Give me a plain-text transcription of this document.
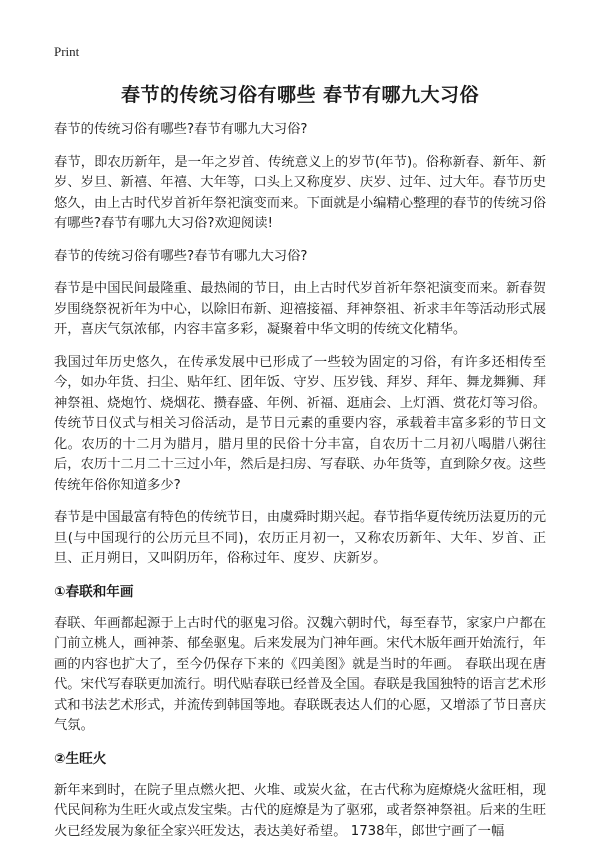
Print
春节的传统习俗有哪些 春节有哪九大习俗

春节的传统习俗有哪些?春节有哪九大习俗?

春节，即农历新年，是一年之岁首、传统意义上的岁节(年节)。俗称新春、新年、新岁、岁旦、新禧、年禧、大年等，口头上又称度岁、庆岁、过年、过大年。春节历史悠久，由上古时代岁首祈年祭祀演变而来。下面就是小编精心整理的春节的传统习俗有哪些?春节有哪九大习俗?欢迎阅读!

春节的传统习俗有哪些?春节有哪九大习俗?

春节是中国民间最隆重、最热闹的节日，由上古时代岁首祈年祭祀演变而来。新春贺岁围绕祭祝祈年为中心，以除旧布新、迎禧接福、拜神祭祖、祈求丰年等活动形式展开，喜庆气氛浓郁，内容丰富多彩，凝聚着中华文明的传统文化精华。

我国过年历史悠久，在传承发展中已形成了一些较为固定的习俗，有许多还相传至今，如办年货、扫尘、贴年红、团年饭、守岁、压岁钱、拜岁、拜年、舞龙舞狮、拜神祭祖、烧炮竹、烧烟花、攒春盛、年例、祈福、逛庙会、上灯酒、赏花灯等习俗。传统节日仪式与相关习俗活动，是节日元素的重要内容，承载着丰富多彩的节日文化。农历的十二月为腊月，腊月里的民俗十分丰富，自农历十二月初八喝腊八粥往后，农历十二月二十三过小年，然后是扫房、写春联、办年货等，直到除夕夜。这些传统年俗你知道多少?

春节是中国最富有特色的传统节日，由虞舜时期兴起。春节指华夏传统历法夏历的元旦(与中国现行的公历元旦不同)，农历正月初一，又称农历新年、大年、岁首、正旦、正月朔日，又叫阴历年，俗称过年、度岁、庆新岁。

①春联和年画

春联、年画都起源于上古时代的驱鬼习俗。汉魏六朝时代，每至春节，家家户户都在门前立桃人，画神荼、郁垒驱鬼。后来发展为门神年画。宋代木版年画开始流行，年画的内容也扩大了，至今仍保存下来的《四美图》就是当时的年画。 春联出现在唐代。宋代写春联更加流行。明代贴春联已经普及全国。春联是我国独特的语言艺术形式和书法艺术形式，并流传到韩国等地。春联既表达人们的心愿，又增添了节日喜庆气氛。

②生旺火

新年来到时，在院子里点燃火把、火堆、或炭火盆，在古代称为庭燎烧火盆旺相，现代民间称为生旺火或点发宝柴。古代的庭燎是为了驱邪，或者祭神祭祖。后来的生旺火已经发展为象征全家兴旺发达，表达美好希望。 1738年，郎世宁画了一幅
